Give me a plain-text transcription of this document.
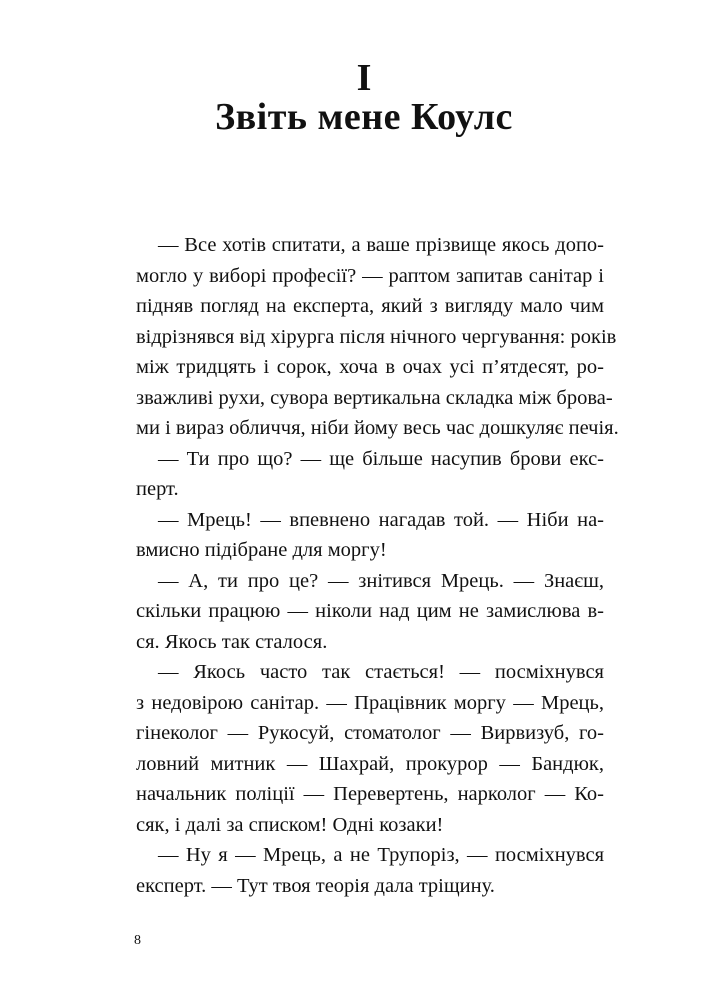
I
Звіть мене Коулс
— Все хотів спитати, а ваше прізвище якось допо-
могло у виборі професії? — раптом запитав санітар і
підняв погляд на експерта, який з вигляду мало чим
відрізнявся від хірурга після нічного чергування: років
між тридцять і сорок, хоча в очах усі п’ятдесят, ро-
зважливі рухи, сувора вертикальна складка між брова-
ми і вираз обличчя, ніби йому весь час дошкуляє печія.
— Ти про що? — ще більше насупив брови екс-
перт.
— Мрець! — впевнено нагадав той. — Ніби на-
вмисно підібране для моргу!
— А, ти про це? — знітився Мрець. — Знаєш,
скільки працюю — ніколи над цим не замислюва в-
ся. Якось так сталося.
— Якось часто так стається! — посміхнувся
з недовірою санітар. — Працівник моргу — Мрець,
гінеколог — Рукосуй, стоматолог — Вирвизуб, го-
ловний митник — Шахрай, прокурор — Бандюк,
начальник поліції — Перевертень, нарколог — Ко-
сяк, і далі за списком! Одні козаки!
— Ну я — Мрець, а не Трупоріз, — посміхнувся
експерт. — Тут твоя теорія дала тріщину.
8
